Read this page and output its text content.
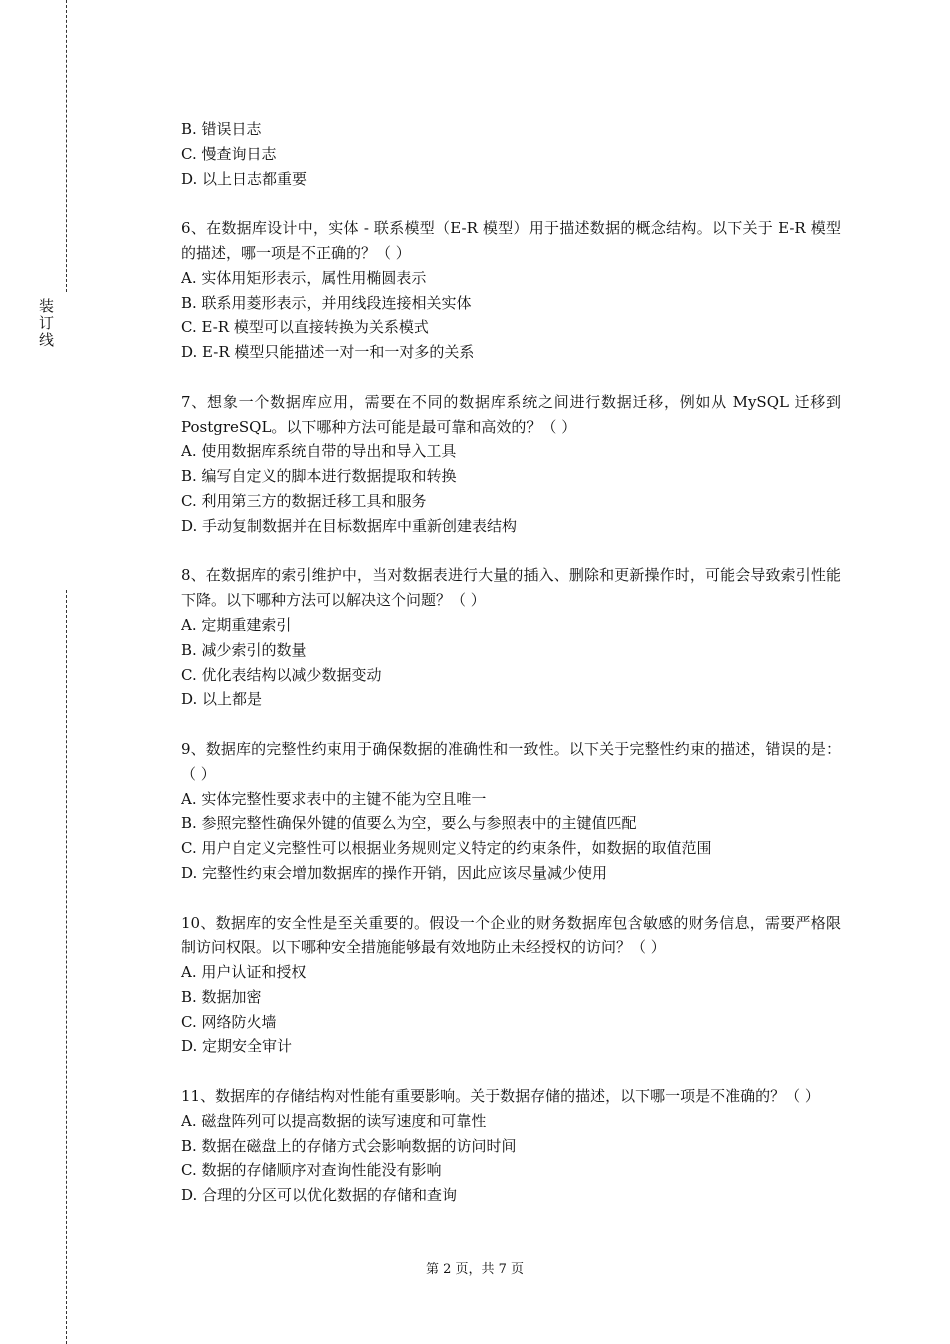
装订线
B. 错误日志
C. 慢查询日志
D. 以上日志都重要
6、在数据库设计中，实体 - 联系模型（E-R 模型）用于描述数据的概念结构。以下关于 E-R 模型的描述，哪一项是不正确的？（ ）
A. 实体用矩形表示，属性用椭圆表示
B. 联系用菱形表示，并用线段连接相关实体
C. E-R 模型可以直接转换为关系模式
D. E-R 模型只能描述一对一和一对多的关系
7、想象一个数据库应用，需要在不同的数据库系统之间进行数据迁移，例如从 MySQL 迁移到 PostgreSQL。以下哪种方法可能是最可靠和高效的？（ ）
A. 使用数据库系统自带的导出和导入工具
B. 编写自定义的脚本进行数据提取和转换
C. 利用第三方的数据迁移工具和服务
D. 手动复制数据并在目标数据库中重新创建表结构
8、在数据库的索引维护中，当对数据表进行大量的插入、删除和更新操作时，可能会导致索引性能下降。以下哪种方法可以解决这个问题？（ ）
A. 定期重建索引
B. 减少索引的数量
C. 优化表结构以减少数据变动
D. 以上都是
9、数据库的完整性约束用于确保数据的准确性和一致性。以下关于完整性约束的描述，错误的是：（ ）
A. 实体完整性要求表中的主键不能为空且唯一
B. 参照完整性确保外键的值要么为空，要么与参照表中的主键值匹配
C. 用户自定义完整性可以根据业务规则定义特定的约束条件，如数据的取值范围
D. 完整性约束会增加数据库的操作开销，因此应该尽量减少使用
10、数据库的安全性是至关重要的。假设一个企业的财务数据库包含敏感的财务信息，需要严格限制访问权限。以下哪种安全措施能够最有效地防止未经授权的访问？（ ）
A. 用户认证和授权
B. 数据加密
C. 网络防火墙
D. 定期安全审计
11、数据库的存储结构对性能有重要影响。关于数据存储的描述，以下哪一项是不准确的？（ ）
A. 磁盘阵列可以提高数据的读写速度和可靠性
B. 数据在磁盘上的存储方式会影响数据的访问时间
C. 数据的存储顺序对查询性能没有影响
D. 合理的分区可以优化数据的存储和查询
第 2 页，共 7 页
